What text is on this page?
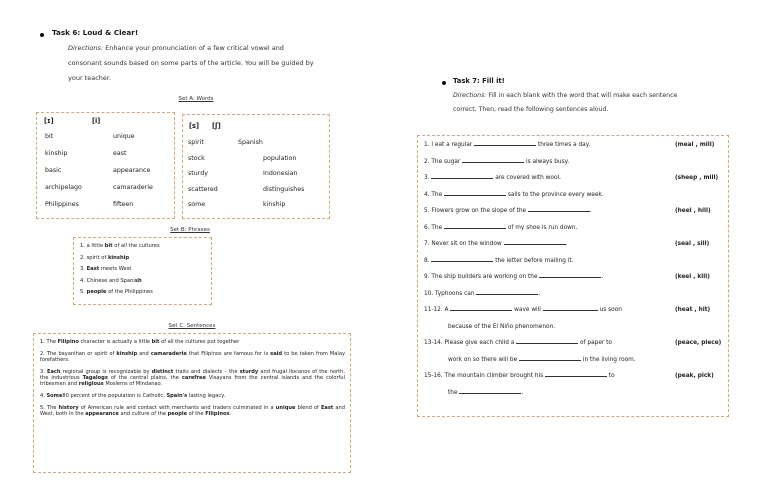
Task 6: Loud & Clear!
Directions: Enhance your pronunciation of a few critical vowel and
consonant sounds based on some parts of the article. You will be guided by
your teacher.
Set A: Words
[ɪ]	[i]
bit	unique
kinship	east
basic	appearance
archipelago	camaraderie
Philippines	fifteen
[s] [ʃ]
spirit	Spanish
stock	population
sturdy	Indonesian
scattered	distinguishes
some	kinship
Set B: Phrases
1. a little bit of all the cultures
2. spirit of kinship
3. East meets West
4. Chinese and Spanish
5. people of the Philippines
Set C: Sentences

1. The Filipino character is actually a little bit of all the cultures put together

2. The bayanihan or spirit of kinship and camaraderie that Filipinos are famous for is said to be taken from Malay forefathers.

3. Each regional group is recognizable by distinct traits and dialects – the sturdy and frugal Ilocanos of the north, the industrious Tagalogs of the central plains, the carefree Visayans from the central islands and the colorful tribesmen and religious Moslems of Mindanao.

4. Some80 percent of the population is Catholic, Spain's lasting legacy.

5. The history of American rule and contact with merchants and traders culminated in a unique blend of East and West, both in the appearance and culture of the people of the Filipinos.

Task 7: Fill it!
Directions: Fill in each blank with the word that will make each sentence
correct. Then, read the following sentences aloud.
1. I eat a regular	three times a day.	(meal , mill)
2. The sugar	is always busy.
3.	are covered with wool.	(sheep , mill)
4. The	sails to the province every week.
5. Flowers grow on the slope of the	.	(heel , hill)
6. The	of my shoe is run down.
7. Never sit on the window	.	(seal , sill)
8.	the letter before mailing it.
9. The ship builders are working on the	.	(keel , kill)
10. Typhoons can	.
11-12. A	wave will	us soon	(heat , hit)
because of the El Niño phenomenon.
13-14. Please give each child a	of paper to	(peace, piece)
work on so there will be	in the living room.
15-16. The mountain climber brought his	to	(peak, pick)
the	.
